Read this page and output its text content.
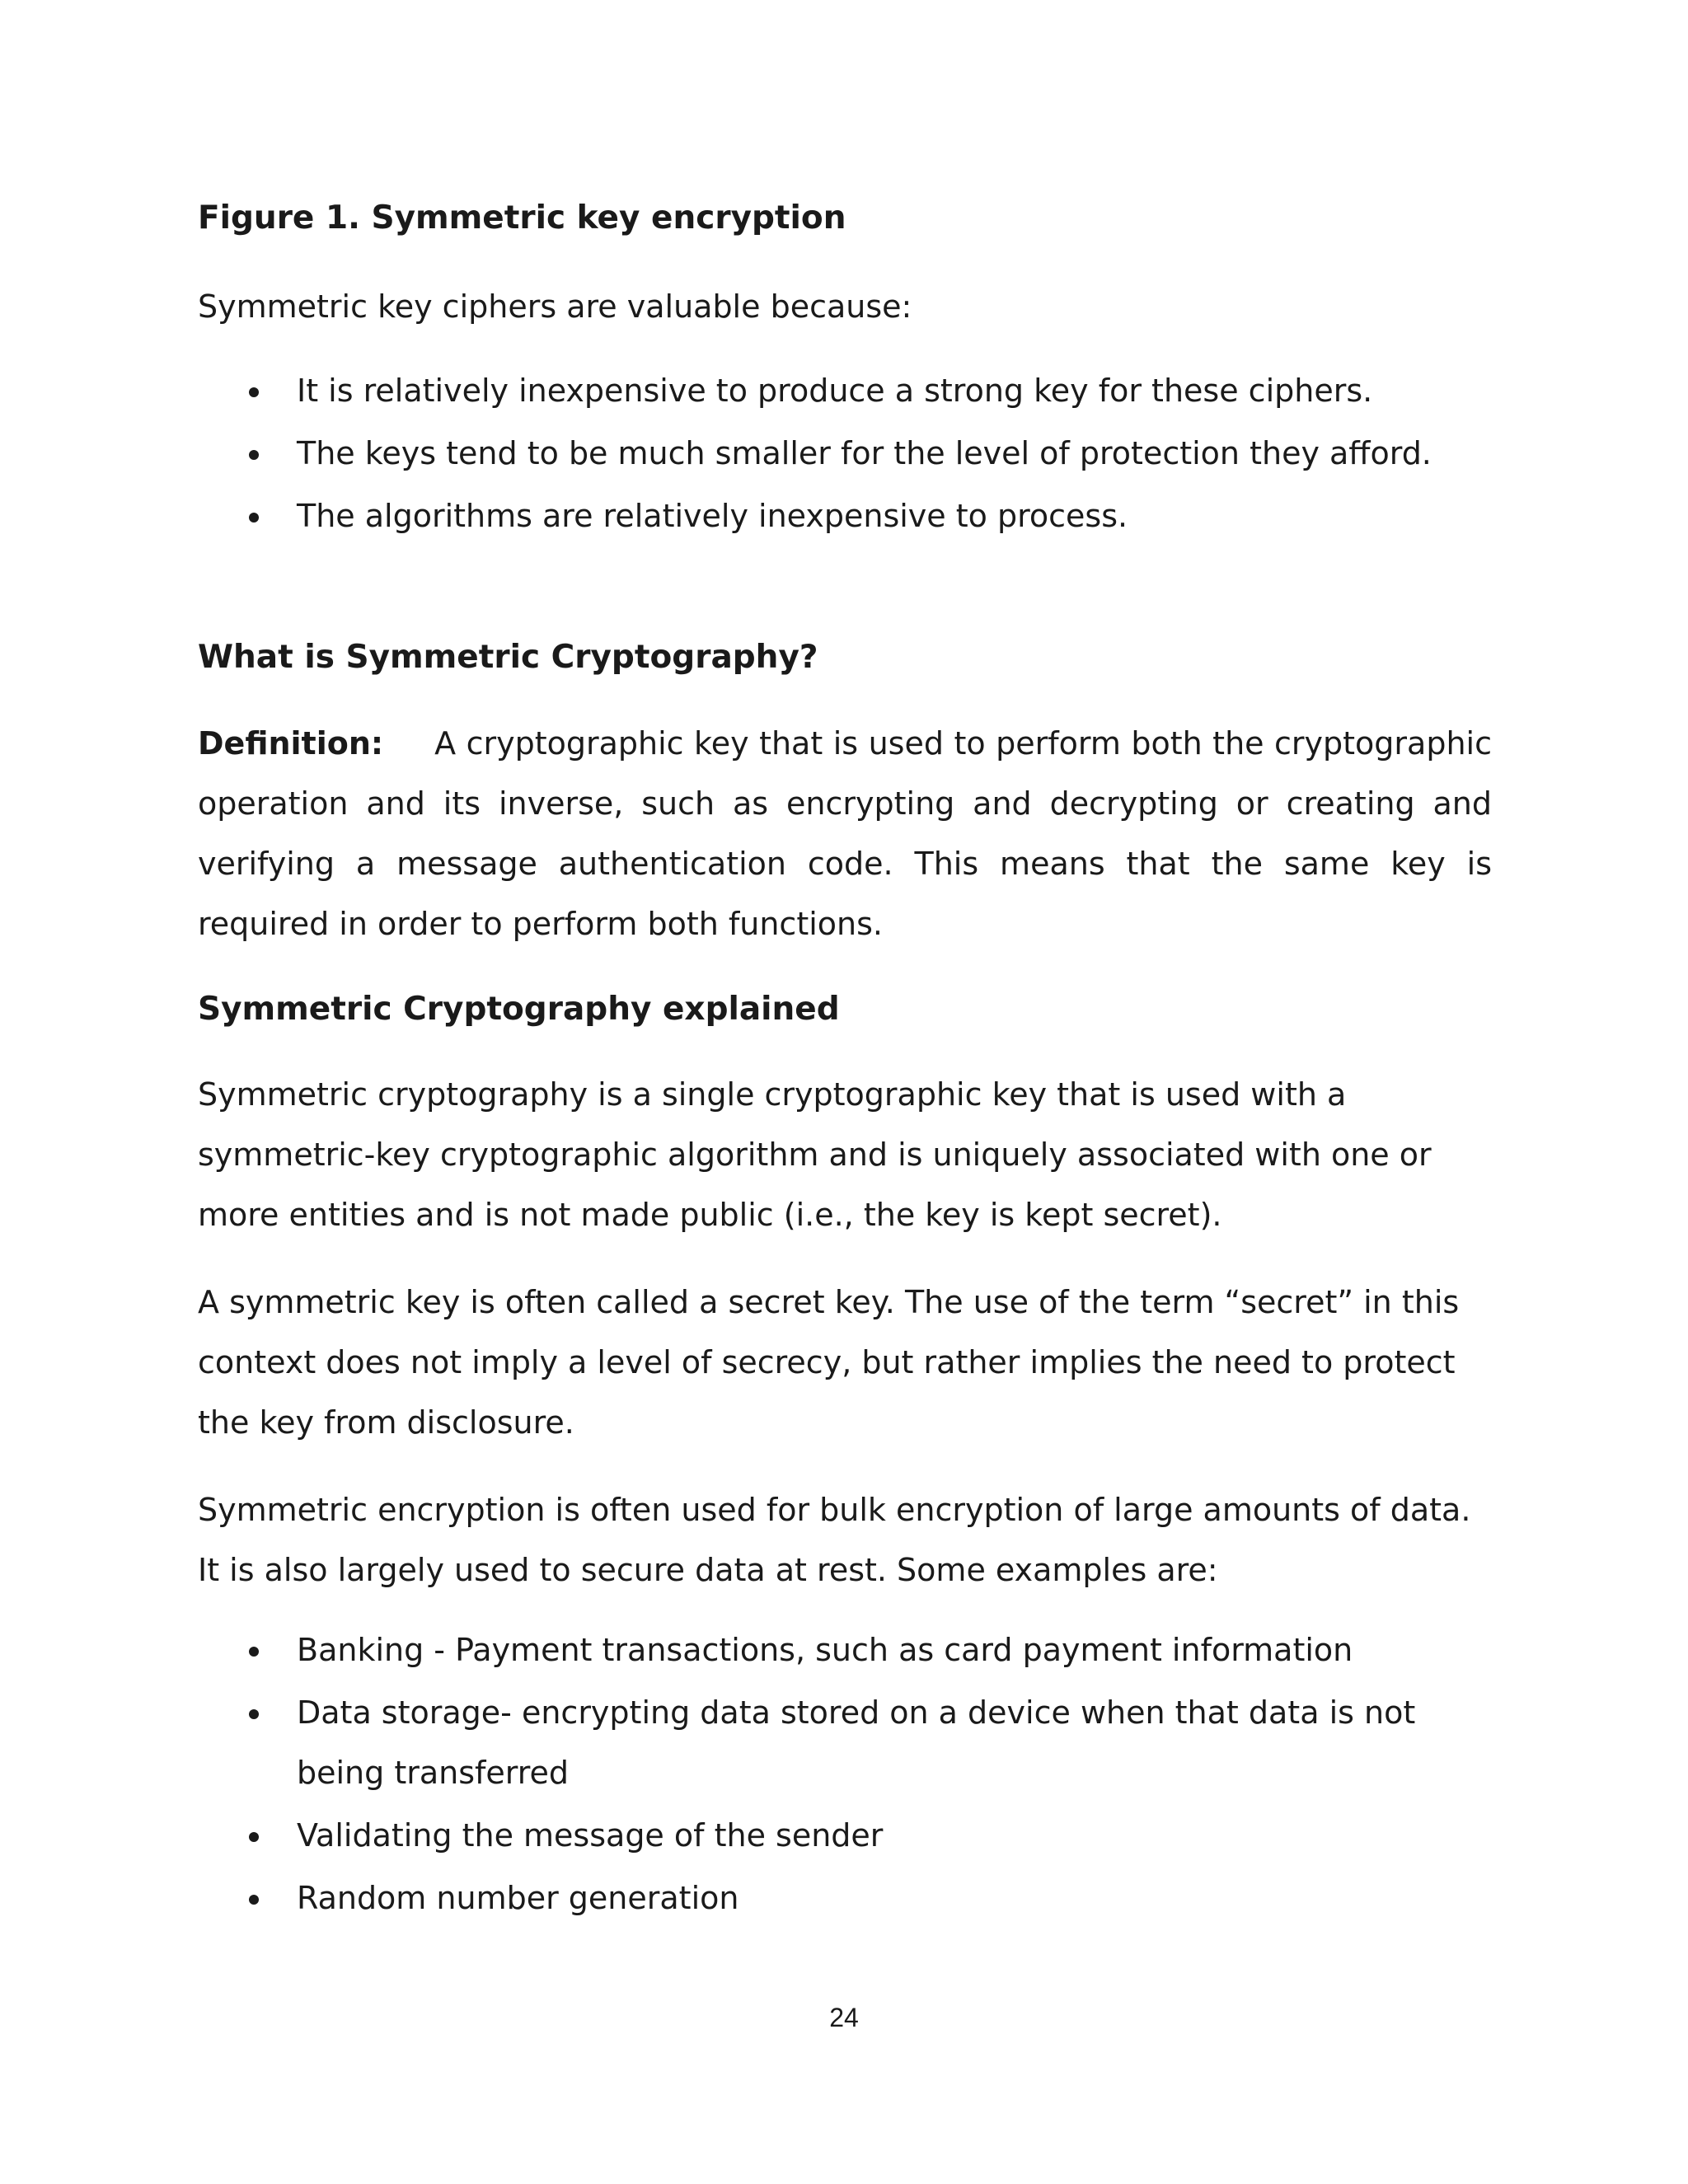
Figure 1. Symmetric key encryption

Symmetric key ciphers are valuable because:

It is relatively inexpensive to produce a strong key for these ciphers.
The keys tend to be much smaller for the level of protection they afford.
The algorithms are relatively inexpensive to process.

What is Symmetric Cryptography?

Definition: A cryptographic key that is used to perform both the cryptographic operation and its inverse, such as encrypting and decrypting or creating and verifying a message authentication code. This means that the same key is required in order to perform both functions.

Symmetric Cryptography explained

Symmetric cryptography is a single cryptographic key that is used with a symmetric-key cryptographic algorithm and is uniquely associated with one or more entities and is not made public (i.e., the key is kept secret).

A symmetric key is often called a secret key. The use of the term “secret” in this context does not imply a level of secrecy, but rather implies the need to protect the key from disclosure.

Symmetric encryption is often used for bulk encryption of large amounts of data. It is also largely used to secure data at rest. Some examples are:

Banking - Payment transactions, such as card payment information
Data storage- encrypting data stored on a device when that data is not being transferred
Validating the message of the sender
Random number generation
24
